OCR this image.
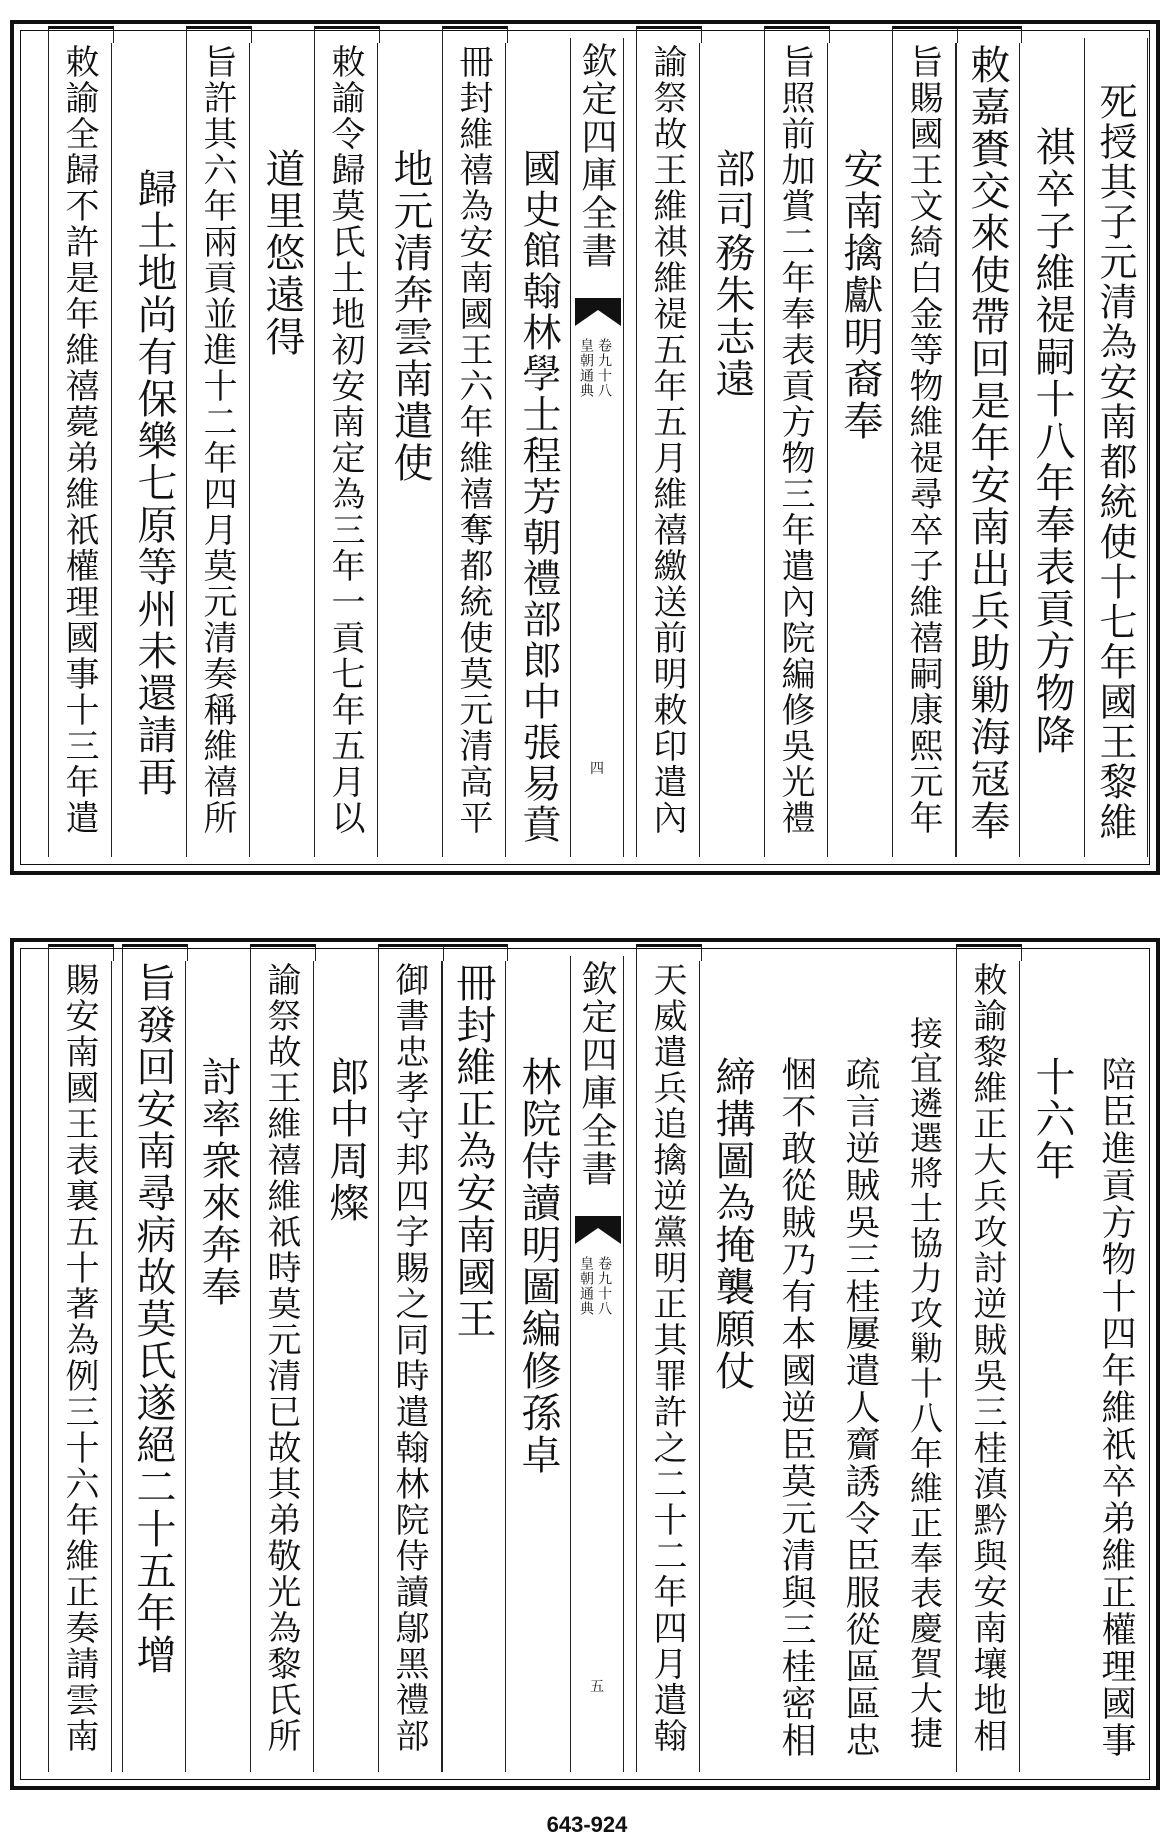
死授其子元清為安南都統使十七年國王黎維
祺卒子維禔嗣十八年奉表貢方物降
敕嘉賚交來使帶回是年安南出兵助勦海冦奉
旨賜國王文綺白金等物維禔尋卒子維禧嗣康熙元年
安南擒獻明裔奉
旨照前加賞二年奉表貢方物三年遣內院編修吳光禮
部司務朱志遠
諭祭故王維祺維禔五年五月維禧繳送前明敕印遣內
欽定四庫全書
皇朝通典 卷九十八
四
國史館翰林學士程芳朝禮部郎中張易賁
冊封維禧為安南國王六年維禧奪都統使莫元清高平
地元清奔雲南遣使
敕諭令歸莫氏土地初安南定為三年一貢七年五月以
道里悠遠得
旨許其六年兩貢並進十二年四月莫元清奏稱維禧所
歸土地尚有保樂七原等州未還請再
敕諭全歸不許是年維禧薨弟維祇權理國事十三年遣
陪臣進貢方物十四年維祇卒弟維正權理國事
十六年
敕諭黎維正大兵攻討逆賊吳三桂滇黔與安南壤地相
接宜遴選將士協力攻勦十八年維正奉表慶賀大捷
疏言逆賊吳三桂屢遣人齎誘令臣服從區區忠
悃不敢從賊乃有本國逆臣莫元清與三桂密相
締搆圖為掩襲願仗
天威遣兵追擒逆黨明正其罪許之二十二年四月遣翰
欽定四庫全書
皇朝通典 卷九十八
五
林院侍讀明圖編修孫卓
冊封維正為安南國王
御書忠孝守邦四字賜之同時遣翰林院侍讀鄔黑禮部
郎中周燦
諭祭故王維禧維祇時莫元清已故其弟敬光為黎氏所
討率衆來奔奉
旨發回安南尋病故莫氏遂絕二十五年增
賜安南國王表裏五十著為例三十六年維正奏請雲南
643-924
